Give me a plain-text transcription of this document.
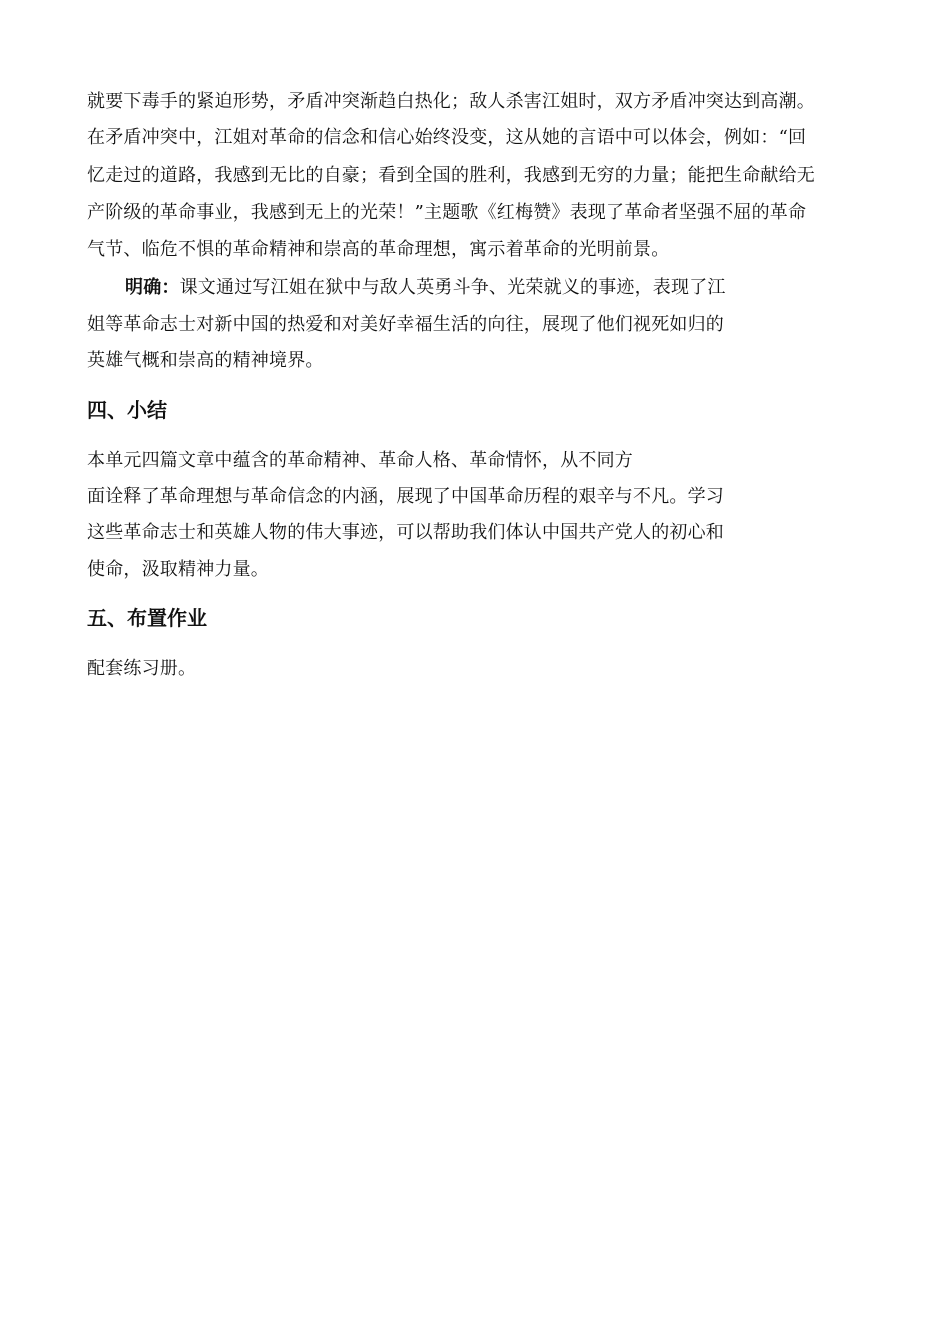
就要下毒手的紧迫形势，矛盾冲突渐趋白热化；敌人杀害江姐时，双方矛盾冲突达到高潮。
在矛盾冲突中，江姐对革命的信念和信心始终没变，这从她的言语中可以体会，例如：“回
忆走过的道路，我感到无比的自豪；看到全国的胜利，我感到无穷的力量；能把生命献给无
产阶级的革命事业，我感到无上的光荣！”主题歌《红梅赞》表现了革命者坚强不屈的革命
气节、临危不惧的革命精神和崇高的革命理想，寓示着革命的光明前景。
明确：课文通过写江姐在狱中与敌人英勇斗争、光荣就义的事迹，表现了江
姐等革命志士对新中国的热爱和对美好幸福生活的向往，展现了他们视死如归的
英雄气概和崇高的精神境界。
四、小结
本单元四篇文章中蕴含的革命精神、革命人格、革命情怀，从不同方
面诠释了革命理想与革命信念的内涵，展现了中国革命历程的艰辛与不凡。学习
这些革命志士和英雄人物的伟大事迹，可以帮助我们体认中国共产党人的初心和
使命，汲取精神力量。
五、布置作业
配套练习册。
